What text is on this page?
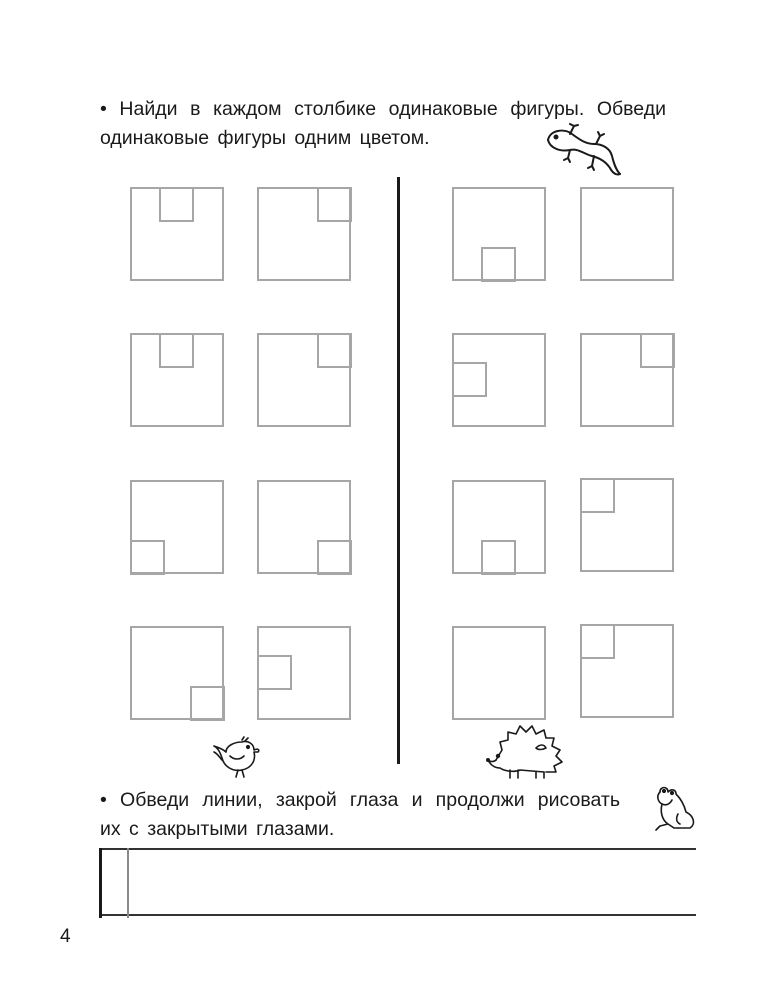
• Найди в каждом столбике одинаковые фигуры. Обведи
одинаковые фигуры одним цветом.

• Обведи линии, закрой глаза и продолжи рисовать
их с закрытыми глазами.

4
